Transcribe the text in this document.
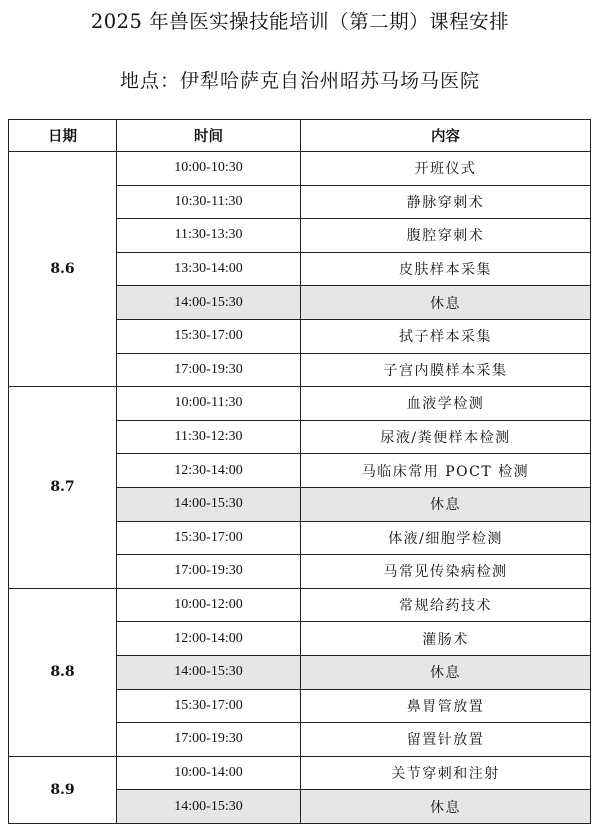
2025 年兽医实操技能培训（第二期）课程安排
地点：伊犁哈萨克自治州昭苏马场马医院
日期	时间	内容
8.6	10:00-10:30	开班仪式
	10:30-11:30	静脉穿刺术
	11:30-13:30	腹腔穿刺术
	13:30-14:00	皮肤样本采集
	14:00-15:30	休息
	15:30-17:00	拭子样本采集
	17:00-19:30	子宫内膜样本采集
8.7	10:00-11:30	血液学检测
	11:30-12:30	尿液/粪便样本检测
	12:30-14:00	马临床常用 POCT 检测
	14:00-15:30	休息
	15:30-17:00	体液/细胞学检测
	17:00-19:30	马常见传染病检测
8.8	10:00-12:00	常规给药技术
	12:00-14:00	灌肠术
	14:00-15:30	休息
	15:30-17:00	鼻胃管放置
	17:00-19:30	留置针放置
8.9	10:00-14:00	关节穿刺和注射
	14:00-15:30	休息
